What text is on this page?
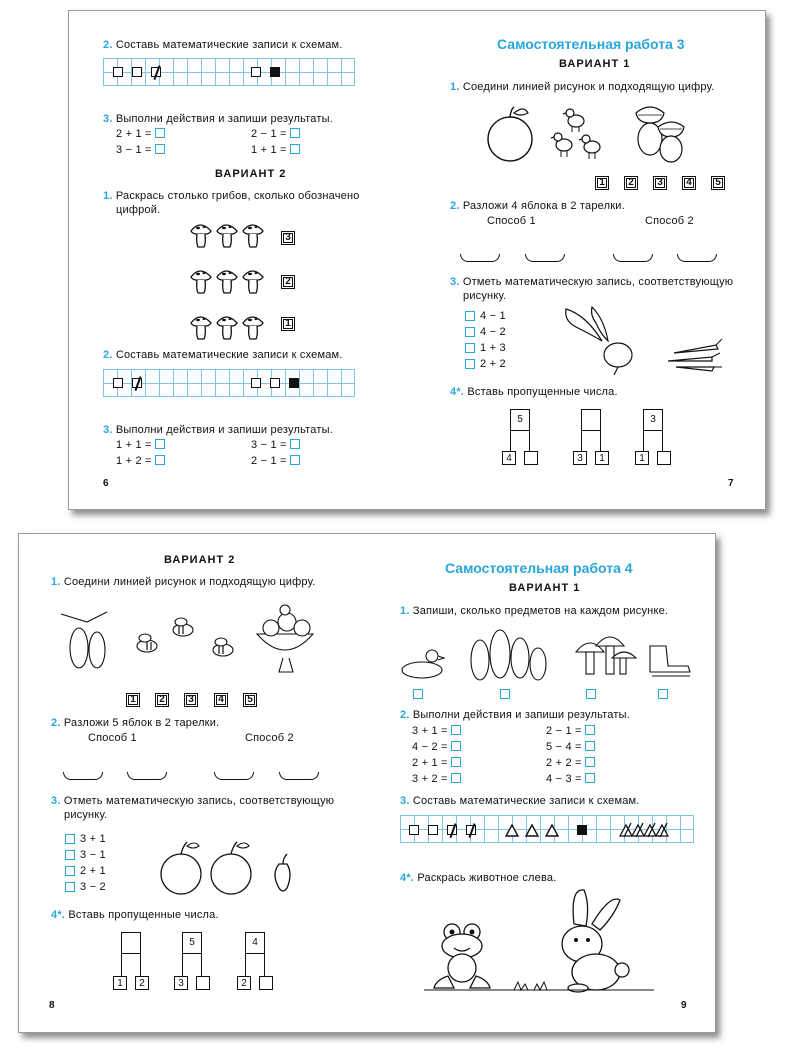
2. Составь математические записи к схемам.
3. Выполни действия и запиши результаты.
2 + 1 =	2 − 1 =
3 − 1 =	1 + 1 =
ВАРИАНТ 2
1. Раскрась столько грибов, сколько обозначено
цифрой.
3
2
1
2. Составь математические записи к схемам.
3. Выполни действия и запиши результаты.
1 + 1 =	3 − 1 =
1 + 2 =	2 − 1 =
6
Самостоятельная работа 3
ВАРИАНТ 1
1. Соедини линией рисунок и подходящую цифру.
1	2	3	4	5
2. Разложи 4 яблока в 2 тарелки.
Способ 1	Способ 2
3. Отметь математическую запись, соответствующую
рисунку.
4 − 1
4 − 2
1 + 3
2 + 2
4*. Вставь пропущенные числа.
5
4	3	1
3
1
7
ВАРИАНТ 2
1. Соедини линией рисунок и подходящую цифру.
1	2	3	4	5
2. Разложи 5 яблок в 2 тарелки.
Способ 1	Способ 2
3. Отметь математическую запись, соответствующую
рисунку.
3 + 1
3 − 1
2 + 1
3 − 2
4*. Вставь пропущенные числа.
1	2
5
3
4
2
8
Самостоятельная работа 4
ВАРИАНТ 1
1. Запиши, сколько предметов на каждом рисунке.
2. Выполни действия и запиши результаты.
3 + 1 =	2 − 1 =
4 − 2 =	5 − 4 =
2 + 1 =	2 + 2 =
3 + 2 =	4 − 3 =
3. Составь математические записи к схемам.
4*. Раскрась животное слева.
9
